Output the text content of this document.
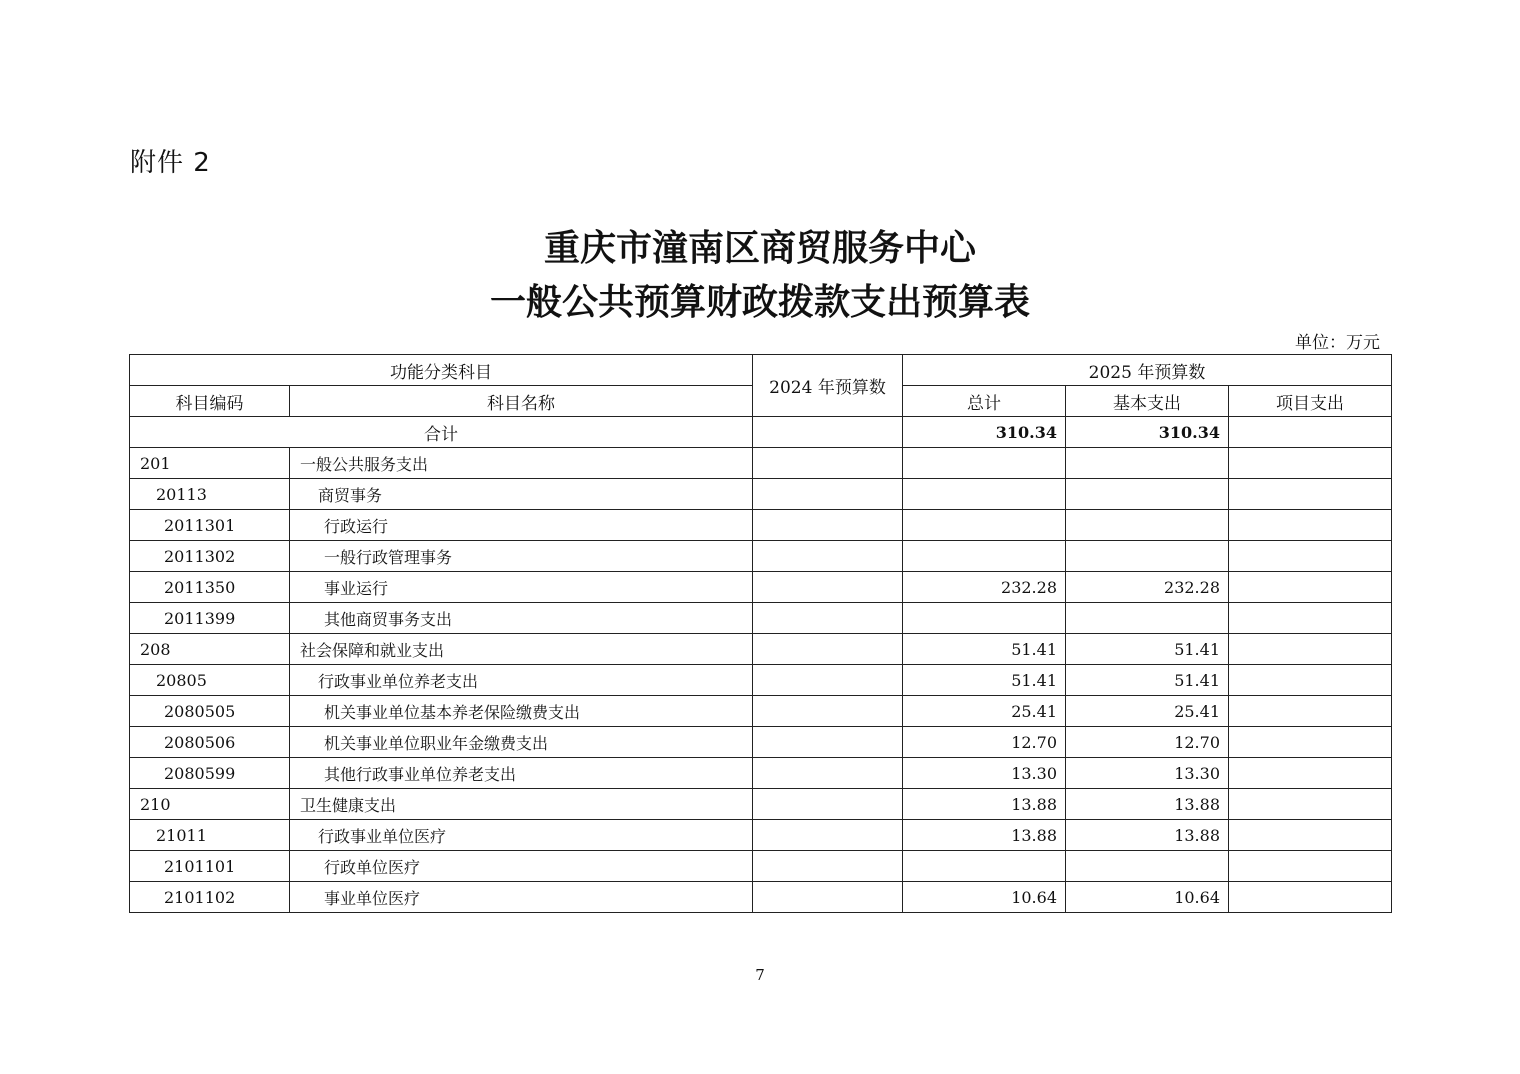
附件 2
重庆市潼南区商贸服务中心
一般公共预算财政拨款支出预算表
单位：万元
功能分类科目		2024 年预算数	2025 年预算数		
科目编码	科目名称		总计	基本支出	项目支出
合计			310.34	310.34	
201	一般公共服务支出				
20113	商贸事务				
2011301	行政运行				
2011302	一般行政管理事务				
2011350	事业运行		232.28	232.28	
2011399	其他商贸事务支出				
208	社会保障和就业支出		51.41	51.41	
20805	行政事业单位养老支出		51.41	51.41	
2080505	机关事业单位基本养老保险缴费支出		25.41	25.41	
2080506	机关事业单位职业年金缴费支出		12.70	12.70	
2080599	其他行政事业单位养老支出		13.30	13.30	
210	卫生健康支出		13.88	13.88	
21011	行政事业单位医疗		13.88	13.88	
2101101	行政单位医疗				
2101102	事业单位医疗		10.64	10.64	
7
